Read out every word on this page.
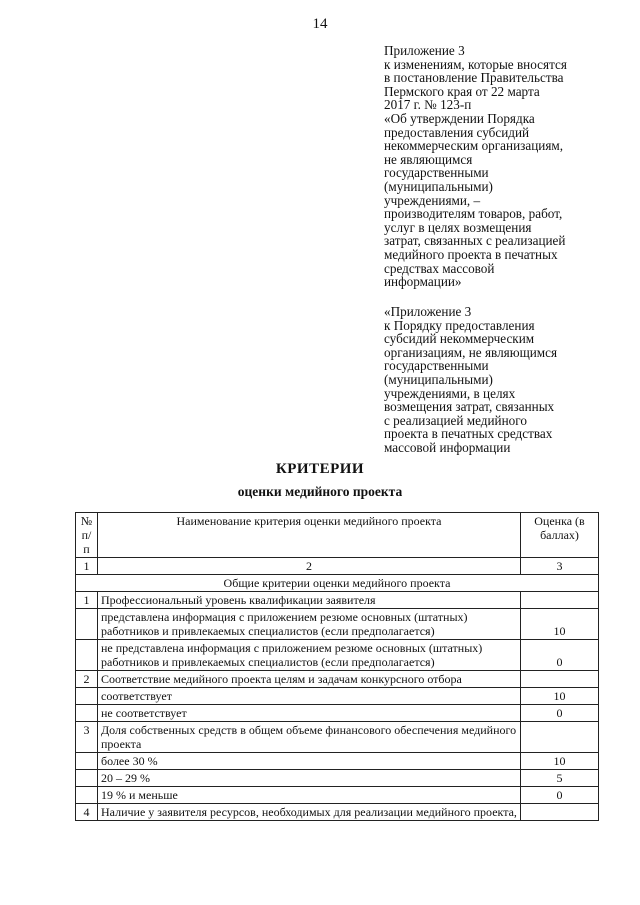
14
Приложение 3
к изменениям, которые вносятся
в постановление Правительства
Пермского края от 22 марта
2017 г. № 123-п
«Об утверждении Порядка
предоставления субсидий
некоммерческим организациям,
не являющимся
государственными
(муниципальными)
учреждениями, –
производителям товаров, работ,
услуг в целях возмещения
затрат, связанных с реализацией
медийного проекта в печатных
средствах массовой
информации»
«Приложение 3
к Порядку предоставления
субсидий некоммерческим
организациям, не являющимся
государственными
(муниципальными)
учреждениями, в целях
возмещения затрат, связанных
с реализацией медийного
проекта в печатных средствах
массовой информации
КРИТЕРИИ
оценки медийного проекта
№ п/п	Наименование критерия оценки медийного проекта	Оценка (в баллах)
1	2	3
Общие критерии оценки медийного проекта		
1	Профессиональный уровень квалификации заявителя	
	представлена информация с приложением резюме основных (штатных) работников и привлекаемых специалистов (если предполагается)	10
	не представлена информация с приложением резюме основных (штатных) работников и привлекаемых специалистов (если предполагается)	0
2	Соответствие медийного проекта целям и задачам конкурсного отбора	
	соответствует	10
	не соответствует	0
3	Доля собственных средств в общем объеме финансового обеспечения медийного проекта	
	более 30 %	10
	20 – 29 %	5
	19 % и меньше	0
4	Наличие у заявителя ресурсов, необходимых для реализации медийного проекта,	
